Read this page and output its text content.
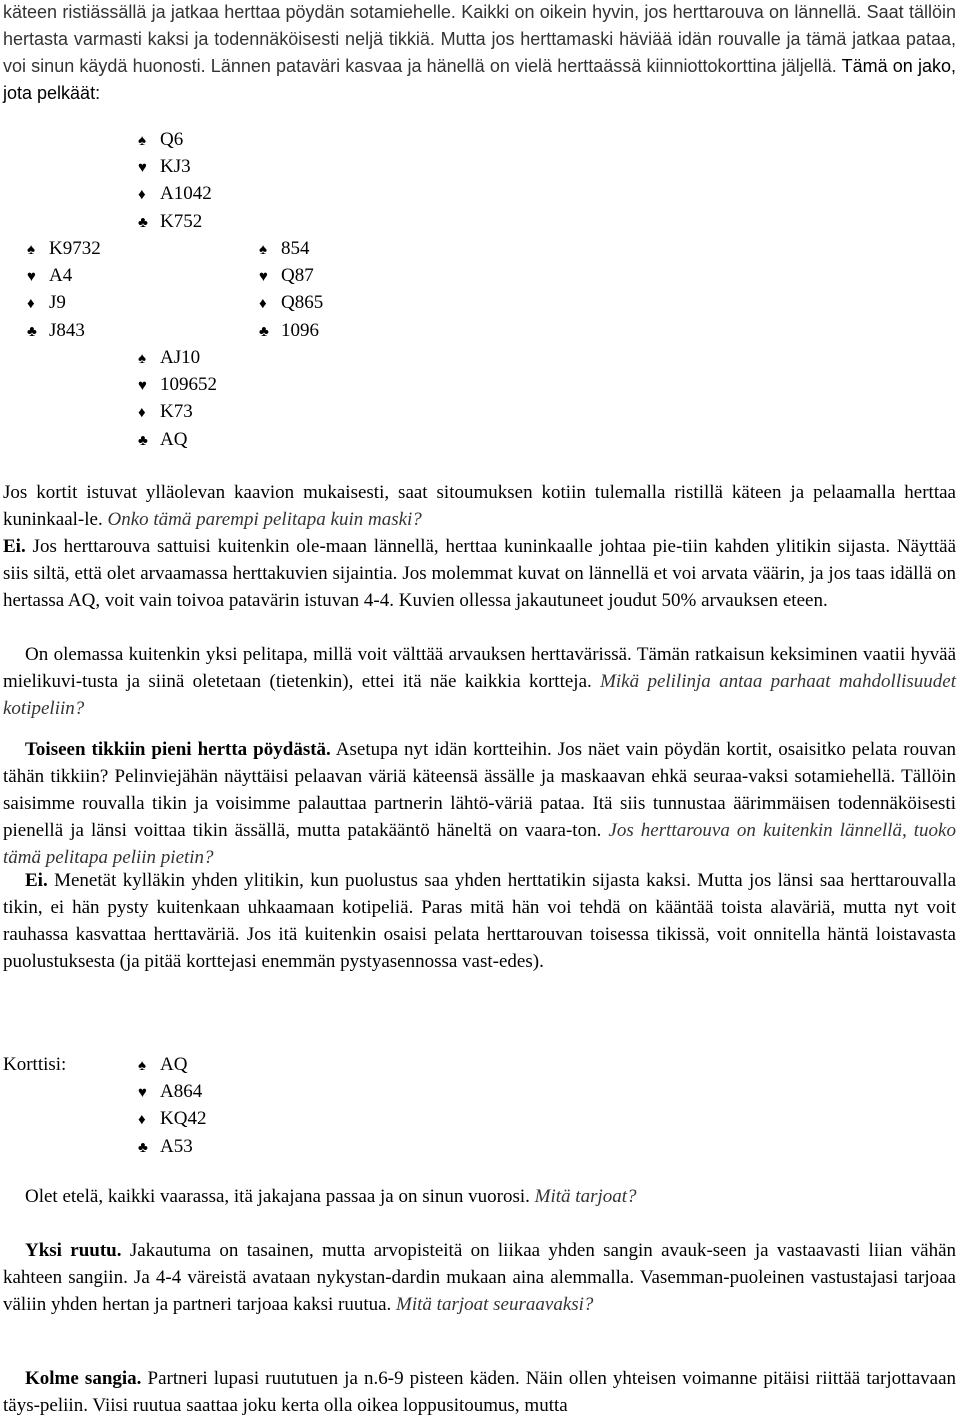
käteen ristiässällä ja jatkaa herttaa pöydän sotamiehelle. Kaikki on oikein hyvin, jos herttarouva on lännellä. Saat tällöin hertasta varmasti kaksi ja todennäköisesti neljä tikkiä. Mutta jos herttamaski häviää idän rouvalle ja tämä jatkaa pataa, voi sinun käydä huonosti. Lännen pataväri kasvaa ja hänellä on vielä herttaässä kiinniottokorttina jäljellä. Tämä on jako, jota pelkäät:

♠ Q6
♥ KJ3
♦ A1042
♣ K752
♠ K9732
♥ A4
♦ J9
♣ J843
♠ 854
♥ Q87
♦ Q865
♣ 1096
♠ AJ10
♥ 109652
♦ K73
♣ AQ

Jos kortit istuvat ylläolevan kaavion mukaisesti, saat sitoumuksen kotiin tulemalla ristillä käteen ja pelaamalla herttaa kuninkaal-le. Onko tämä parempi pelitapa kuin maski?

Ei. Jos herttarouva sattuisi kuitenkin ole-maan lännellä, herttaa kuninkaalle johtaa pie-tiin kahden ylitikin sijasta. Näyttää siis siltä, että olet arvaamassa herttakuvien sijaintia. Jos molemmat kuvat on lännellä et voi arvata väärin, ja jos taas idällä on hertassa AQ, voit vain toivoa patavärin istuvan 4-4. Kuvien ollessa jakautuneet joudut 50% arvauksen eteen.

On olemassa kuitenkin yksi pelitapa, millä voit välttää arvauksen herttavärissä. Tämän ratkaisun keksiminen vaatii hyvää mielikuvi-tusta ja siinä oletetaan (tietenkin), ettei itä näe kaikkia kortteja. Mikä pelilinja antaa parhaat mahdollisuudet kotipeliin?

Toiseen tikkiin pieni hertta pöydästä. Asetupa nyt idän kortteihin. Jos näet vain pöydän kortit, osaisitko pelata rouvan tähän tikkiin? Pelinviejähän näyttäisi pelaavan väriä käteensä ässälle ja maskaavan ehkä seuraa-vaksi sotamiehellä. Tällöin saisimme rouvalla tikin ja voisimme palauttaa partnerin lähtö-väriä pataa. Itä siis tunnustaa äärimmäisen todennäköisesti pienellä ja länsi voittaa tikin ässällä, mutta patakääntö häneltä on vaara-ton. Jos herttarouva on kuitenkin lännellä, tuoko tämä pelitapa peliin pietin?

Ei. Menetät kylläkin yhden ylitikin, kun puolustus saa yhden herttatikin sijasta kaksi. Mutta jos länsi saa herttarouvalla tikin, ei hän pysty kuitenkaan uhkaamaan kotipeliä. Paras mitä hän voi tehdä on kääntää toista alaväriä, mutta nyt voit rauhassa kasvattaa herttaväriä. Jos itä kuitenkin osaisi pelata herttarouvan toisessa tikissä, voit onnitella häntä loistavasta puolustuksesta (ja pitää korttejasi enemmän pystyasennossa vast-edes).

Korttisi:	♠ AQ
♥ A864
♦ KQ42
♣ A53

Olet etelä, kaikki vaarassa, itä jakajana passaa ja on sinun vuorosi. Mitä tarjoat?

Yksi ruutu. Jakautuma on tasainen, mutta arvopisteitä on liikaa yhden sangin avauk-seen ja vastaavasti liian vähän kahteen sangiin. Ja 4-4 väreistä avataan nykystan-dardin mukaan aina alemmalla. Vasemman-puoleinen vastustajasi tarjoaa väliin yhden hertan ja partneri tarjoaa kaksi ruutua. Mitä tarjoat seuraavaksi?

Kolme sangia. Partneri lupasi ruututuen ja n.6-9 pisteen käden. Näin ollen yhteisen voimanne pitäisi riittää tarjottavaan täys-peliin. Viisi ruutua saattaa joku kerta olla oikea loppusitoumus, mutta
